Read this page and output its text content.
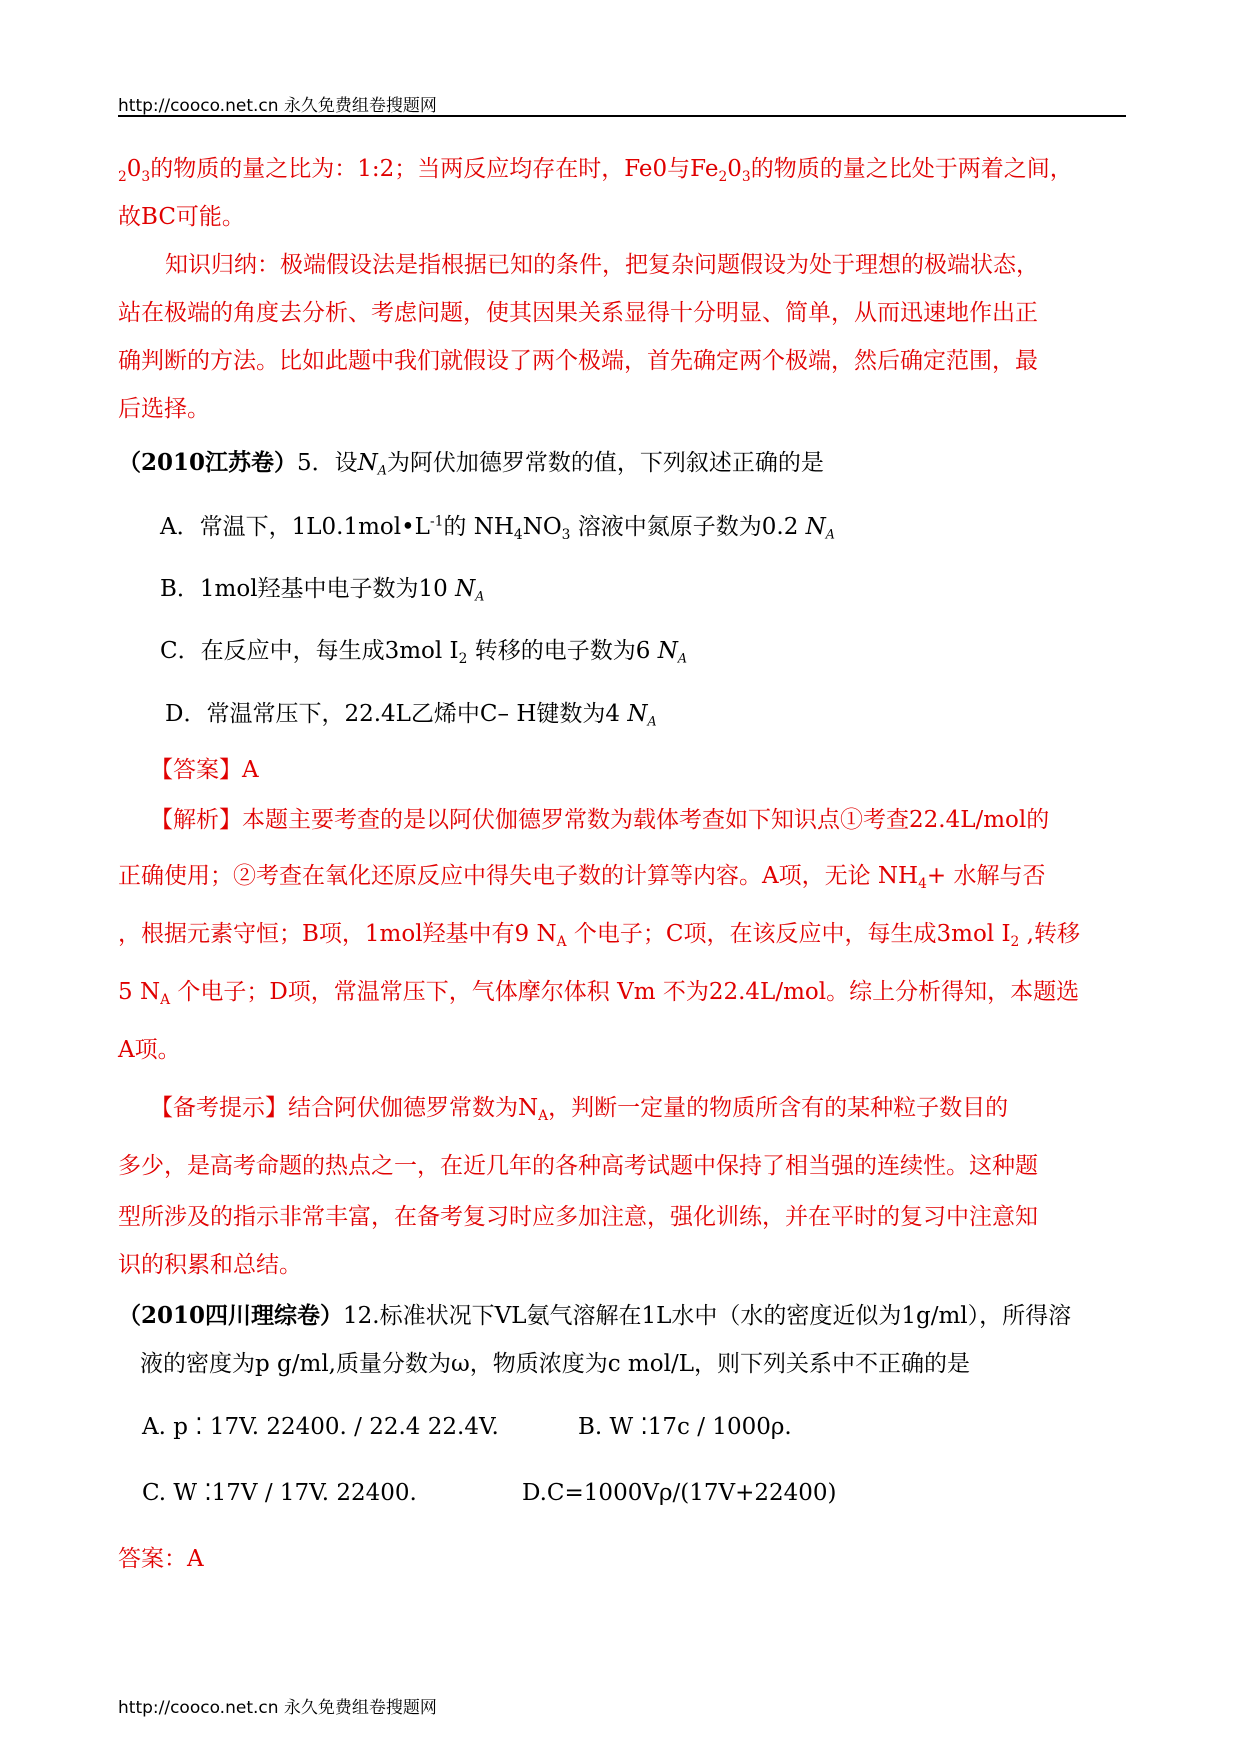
http://cooco.net.cn 永久免费组卷搜题网
$_20_3$的物质的量之比为：1:2；当两反应均存在时，Fe0与$Fe_20_3$的物质的量之比处于两着之间，
故BC可能。
知识归纳：极端假设法是指根据已知的条件，把复杂问题假设为处于理想的极端状态，
站在极端的角度去分析、考虑问题，使其因果关系显得十分明显、简单，从而迅速地作出正
确判断的方法。比如此题中我们就假设了两个极端，首先确定两个极端，然后确定范围，最
后选择。
（2010江苏卷）5．设NA为阿伏加德罗常数的值，下列叙述正确的是
A．常温下，$1L0.1mol•L^{-1}$的 $NH_4NO_3$ 溶液中氮原子数为0.2 NA
B．1mol羟基中电子数为10 NA
C．在反应中，每生成3mol $I_2$ 转移的电子数为6 NA
D．常温常压下，22.4L乙烯中C– H键数为4 NA
【答案】A
【解析】本题主要考查的是以阿伏伽德罗常数为载体考查如下知识点①考查22.4L/mol的
正确使用；②考查在氧化还原反应中得失电子数的计算等内容。A项，无论 $NH_4+$ 水解与否
，根据元素守恒；B项，1mol羟基中有9 $N_A$ 个电子；C项，在该反应中，每生成3mol $I_2$ ,转移
5 $N_A$ 个电子；D项，常温常压下，气体摩尔体积 Vm 不为22.4L/mol。综上分析得知，本题选
A项。
【备考提示】结合阿伏伽德罗常数为$N_A$，判断一定量的物质所含有的某种粒子数目的
多少，是高考命题的热点之一，在近几年的各种高考试题中保持了相当强的连续性。这种题
型所涉及的指示非常丰富，在备考复习时应多加注意，强化训练，并在平时的复习中注意知
识的积累和总结。
（2010四川理综卷）12.标准状况下VL氨气溶解在1L水中（水的密度近似为1g/ml），所得溶
液的密度为p g/ml,质量分数为ω，物质浓度为c mol/L，则下列关系中不正确的是
A. p ⁚ 17V. 22400. / 22.4 22.4V.	B. W ⁚17c / 1000ρ.
C. W ⁚17V / 17V. 22400.	D.C=1000Vρ/(17V+22400)
答案：A
http://cooco.net.cn 永久免费组卷搜题网
